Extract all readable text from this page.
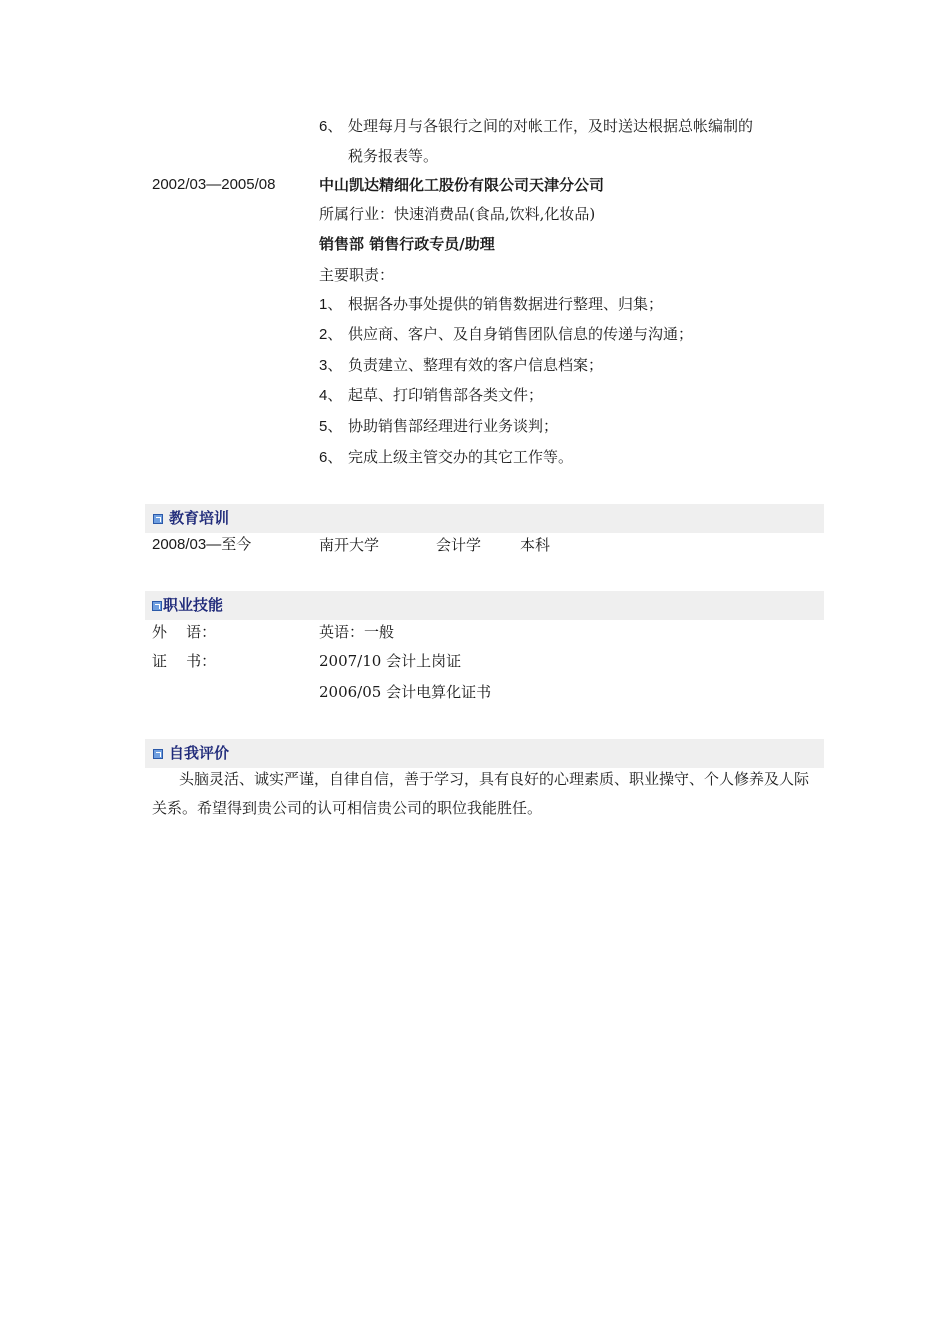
6、 处理每月与各银行之间的对帐工作，及时送达根据总帐编制的
税务报表等。
2002/03—2005/08	中山凯达精细化工股份有限公司天津分公司
所属行业：快速消费品(食品,饮料,化妆品)
销售部 销售行政专员/助理
主要职责：
1、 根据各办事处提供的销售数据进行整理、归集；
2、 供应商、客户、及自身销售团队信息的传递与沟通；
3、 负责建立、整理有效的客户信息档案；
4、 起草、打印销售部各类文件；
5、 协助销售部经理进行业务谈判；
6、 完成上级主管交办的其它工作等。
教育培训
2008/03—至今	南开大学	会计学	本科
职业技能
外    语：	英语：一般
证    书：	2007/10 会计上岗证
2006/05 会计电算化证书
自我评价
头脑灵活、诚实严谨，自律自信，善于学习，具有良好的心理素质、职业操守、个人修养及人际关系。希望得到贵公司的认可相信贵公司的职位我能胜任。
